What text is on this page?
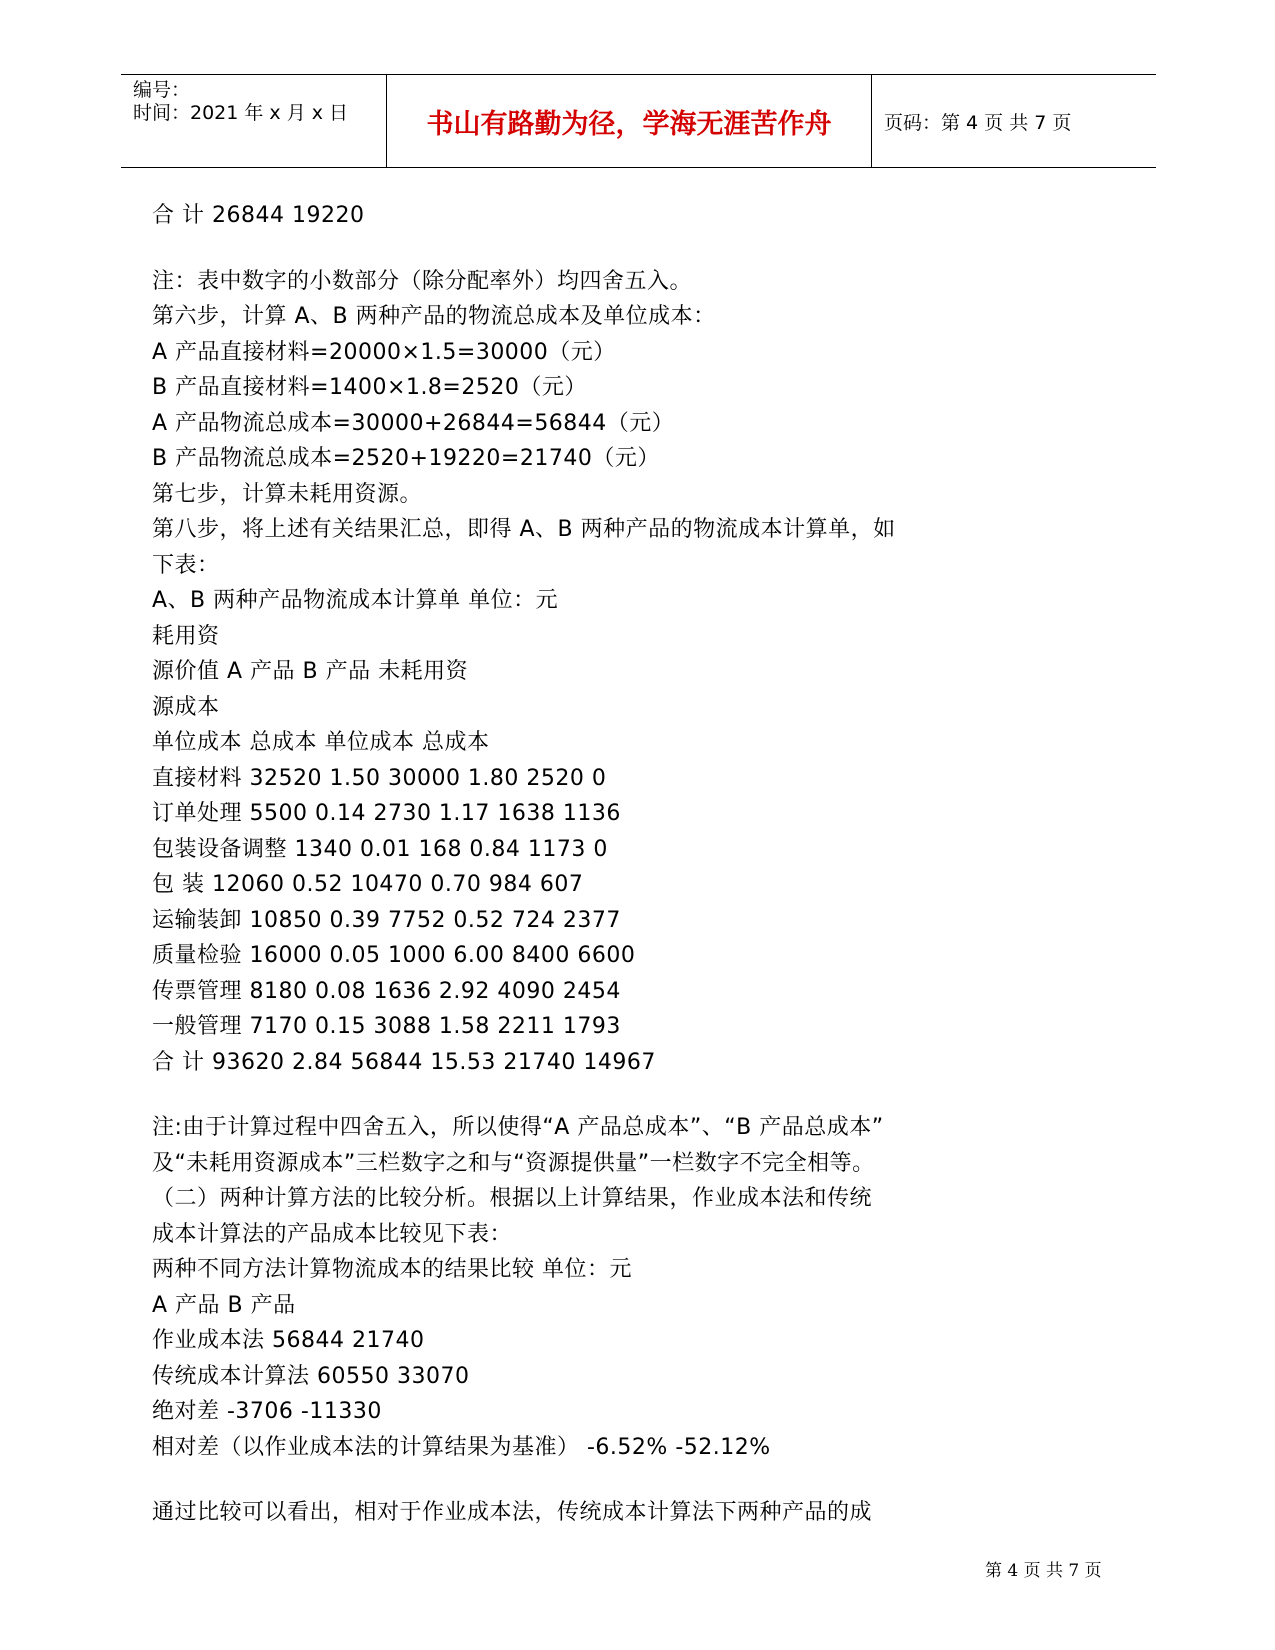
编号：
时间：2021 年 x 月 x 日	书山有路勤为径，学海无涯苦作舟	页码：第 4 页 共 7 页
合 计 26844 19220
注：表中数字的小数部分（除分配率外）均四舍五入。
第六步，计算 A、B 两种产品的物流总成本及单位成本：
A 产品直接材料=20000×1.5=30000（元）
B 产品直接材料=1400×1.8=2520（元）
A 产品物流总成本=30000+26844=56844（元）
B 产品物流总成本=2520+19220=21740（元）
第七步，计算未耗用资源。
第八步，将上述有关结果汇总，即得 A、B 两种产品的物流成本计算单，如
下表：
A、B 两种产品物流成本计算单 单位：元
耗用资
源价值 A 产品 B 产品 未耗用资
源成本
单位成本 总成本 单位成本 总成本
直接材料 32520 1.50 30000 1.80 2520 0
订单处理 5500 0.14 2730 1.17 1638 1136
包装设备调整 1340 0.01 168 0.84 1173 0
包 装 12060 0.52 10470 0.70 984 607
运输装卸 10850 0.39 7752 0.52 724 2377
质量检验 16000 0.05 1000 6.00 8400 6600
传票管理 8180 0.08 1636 2.92 4090 2454
一般管理 7170 0.15 3088 1.58 2211 1793
合 计 93620 2.84 56844 15.53 21740 14967
注:由于计算过程中四舍五入，所以使得“A 产品总成本”、“B 产品总成本”
及“未耗用资源成本”三栏数字之和与“资源提供量”一栏数字不完全相等。
（二）两种计算方法的比较分析。根据以上计算结果，作业成本法和传统
成本计算法的产品成本比较见下表：
两种不同方法计算物流成本的结果比较 单位：元
A 产品 B 产品
作业成本法 56844 21740
传统成本计算法 60550 33070
绝对差 -3706 -11330
相对差（以作业成本法的计算结果为基准） -6.52% -52.12%
通过比较可以看出，相对于作业成本法，传统成本计算法下两种产品的成
第 4 页 共 7 页
